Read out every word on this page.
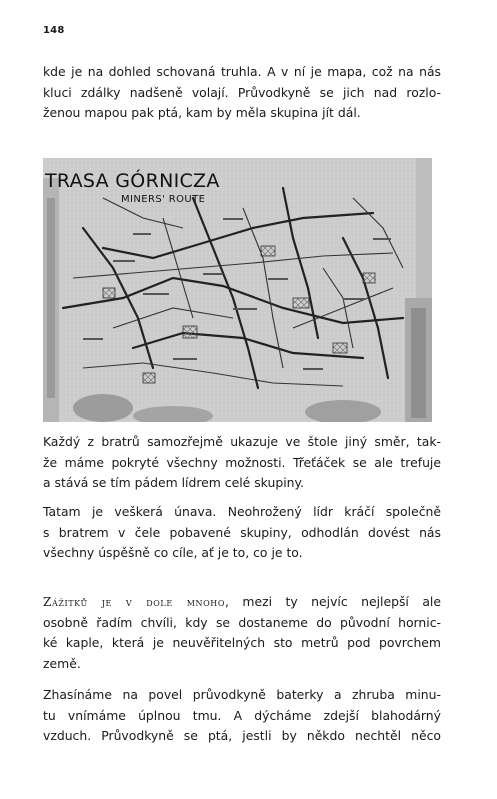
148
kde je na dohled schovaná truhla. A v ní je mapa, což na nás
kluci zdálky nadšeně volají. Průvodkyně se jich nad rozlo-
ženou mapou pak ptá, kam by měla skupina jít dál.
TRASA GÓRNICZA
MINERS' ROUTE
Každý z bratrů samozřejmě ukazuje ve štole jiný směr, tak-
že máme pokryté všechny možnosti. Třeťáček se ale trefuje
a stává se tím pádem lídrem celé skupiny.
Tatam je veškerá únava. Neohrožený lídr kráčí společně
s bratrem v čele pobavené skupiny, odhodlán dovést nás
všechny úspěšně co cíle, ať je to, co je to.
Zážitků je v dole mnoho, mezi ty nejvíc nejlepší ale
osobně řadím chvíli, kdy se dostaneme do původní hornic-
ké kaple, která je neuvěřitelných sto metrů pod povrchem
země.
Zhasínáme na povel průvodkyně baterky a zhruba minu-
tu vnímáme úplnou tmu. A dýcháme zdejší blahodárný
vzduch. Průvodkyně se ptá, jestli by někdo nechtěl něco
